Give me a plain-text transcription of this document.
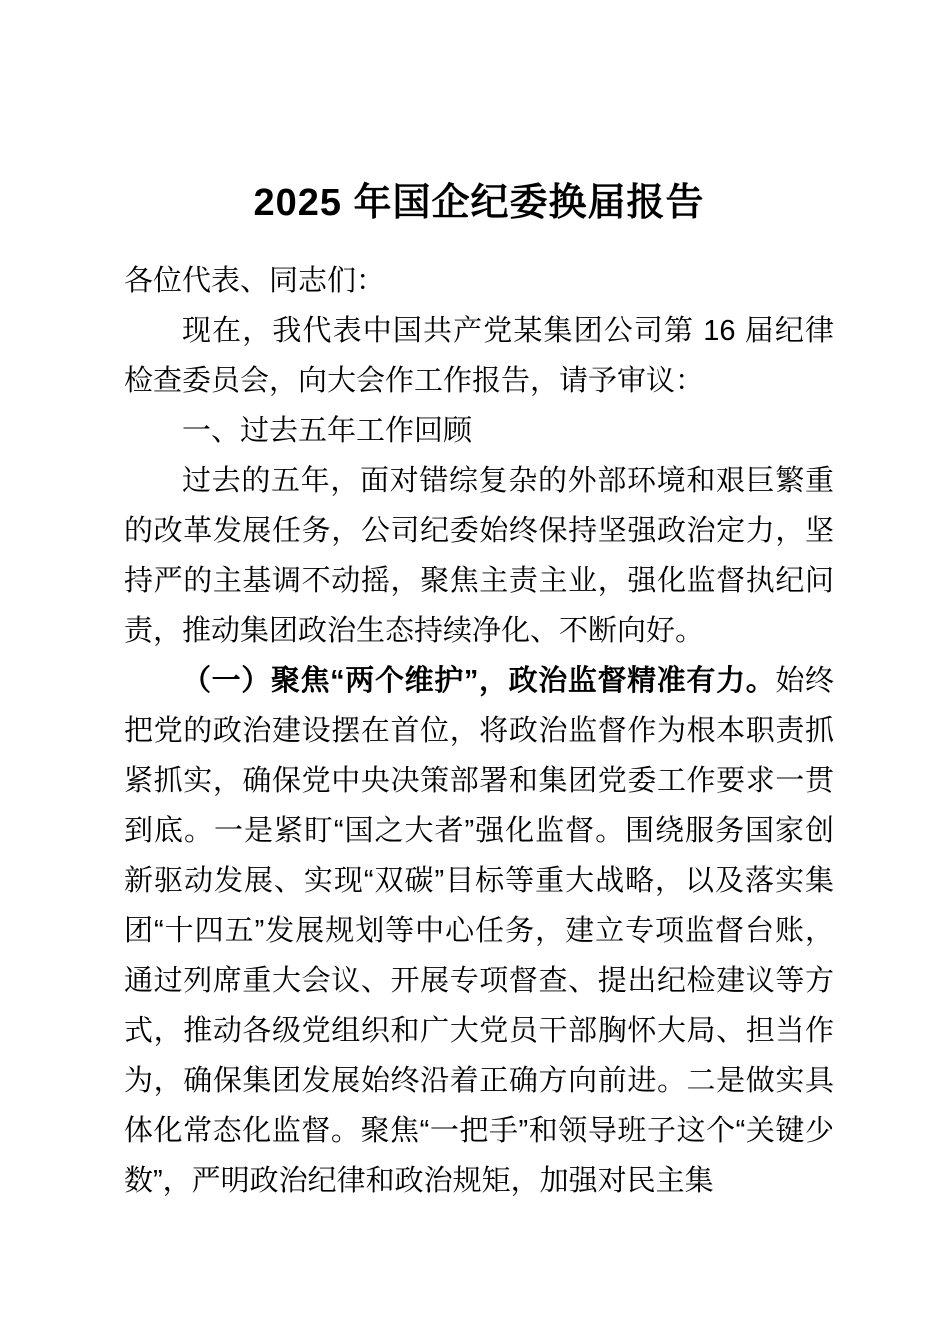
2025 年国企纪委换届报告

各位代表、同志们：

现在，我代表中国共产党某集团公司第 16 届纪律检查委员会，向大会作工作报告，请予审议：

一、过去五年工作回顾

过去的五年，面对错综复杂的外部环境和艰巨繁重的改革发展任务，公司纪委始终保持坚强政治定力，坚持严的主基调不动摇，聚焦主责主业，强化监督执纪问责，推动集团政治生态持续净化、不断向好。

（一）聚焦“两个维护”，政治监督精准有力。始终把党的政治建设摆在首位，将政治监督作为根本职责抓紧抓实，确保党中央决策部署和集团党委工作要求一贯到底。一是紧盯“国之大者”强化监督。围绕服务国家创新驱动发展、实现“双碳”目标等重大战略，以及落实集团“十四五”发展规划等中心任务，建立专项监督台账，通过列席重大会议、开展专项督查、提出纪检建议等方式，推动各级党组织和广大党员干部胸怀大局、担当作为，确保集团发展始终沿着正确方向前进。二是做实具体化常态化监督。聚焦“一把手”和领导班子这个“关键少数”，严明政治纪律和政治规矩，加强对民主集
